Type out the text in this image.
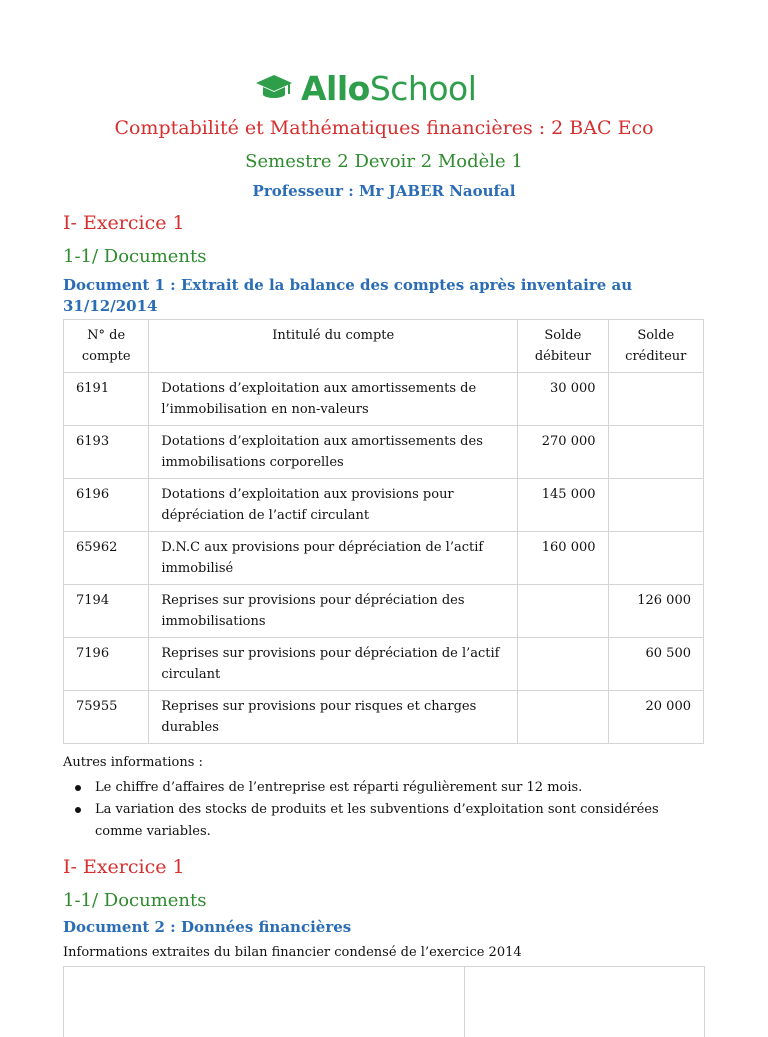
AlloSchool
Comptabilité et Mathématiques financières : 2 BAC Eco
Semestre 2 Devoir 2 Modèle 1
Professeur : Mr JABER Naoufal
I- Exercice 1
1-1/ Documents
Document 1 : Extrait de la balance des comptes après inventaire au 31/12/2014
N° de compte	Intitulé du compte	Solde débiteur	Solde créditeur
6191	Dotations d’exploitation aux amortissements de l’immobilisation en non-valeurs	30 000	
6193	Dotations d’exploitation aux amortissements des immobilisations corporelles	270 000	
6196	Dotations d’exploitation aux provisions pour dépréciation de l’actif circulant	145 000	
65962	D.N.C aux provisions pour dépréciation de l’actif immobilisé	160 000	
7194	Reprises sur provisions pour dépréciation des immobilisations		126 000
7196	Reprises sur provisions pour dépréciation de l’actif circulant		60 500
75955	Reprises sur provisions pour risques et charges durables		20 000
Autres informations :
Le chiffre d’affaires de l’entreprise est réparti régulièrement sur 12 mois.
La variation des stocks de produits et les subventions d’exploitation sont considérées comme variables.
I- Exercice 1
1-1/ Documents
Document 2 : Données financières
Informations extraites du bilan financier condensé de l’exercice 2014
